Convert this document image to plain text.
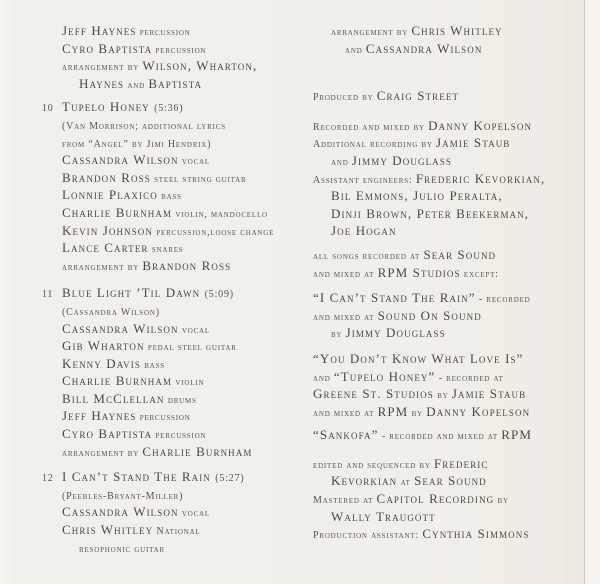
Jeff Haynes percussion
Cyro Baptista percussion
arrangement by Wilson, Wharton,
Haynes and Baptista
10 Tupelo Honey (5:36)
(Van Morrison; additional lyrics
from “Angel” by Jimi Hendrix)
Cassandra Wilson vocal
Brandon Ross steel string guitar
Lonnie Plaxico bass
Charlie Burnham violin, mandocello
Kevin Johnson percussion,loose change
Lance Carter snares
arrangement by Brandon Ross
11 Blue Light ’Til Dawn (5:09)
(Cassandra Wilson)
Cassandra Wilson vocal
Gib Wharton pedal steel guitar
Kenny Davis bass
Charlie Burnham violin
Bill McClellan drums
Jeff Haynes percussion
Cyro Baptista percussion
arrangement by Charlie Burnham
12 I Can’t Stand The Rain (5:27)
(Peebles-Bryant-Miller)
Cassandra Wilson vocal
Chris Whitley National
resophonic guitar
arrangement by Chris Whitley
and Cassandra Wilson
Produced by Craig Street
Recorded and mixed by Danny Kopelson
Additional recording by Jamie Staub
and Jimmy Douglass
Assistant engineers: Frederic Kevorkian,
Bil Emmons, Julio Peralta,
Dinji Brown, Peter Beekerman,
Joe Hogan
all songs recorded at Sear Sound
and mixed at RPM Studios except:
“I Can’t Stand The Rain” - recorded
and mixed at Sound On Sound
by Jimmy Douglass
“You Don’t Know What Love Is”
and “Tupelo Honey” - recorded at
Greene St. Studios by Jamie Staub
and mixed at RPM by Danny Kopelson
“Sankofa” - recorded and mixed at RPM
edited and sequenced by Frederic
Kevorkian at Sear Sound
Mastered at Capitol Recording by
Wally Traugott
Production assistant: Cynthia Simmons
